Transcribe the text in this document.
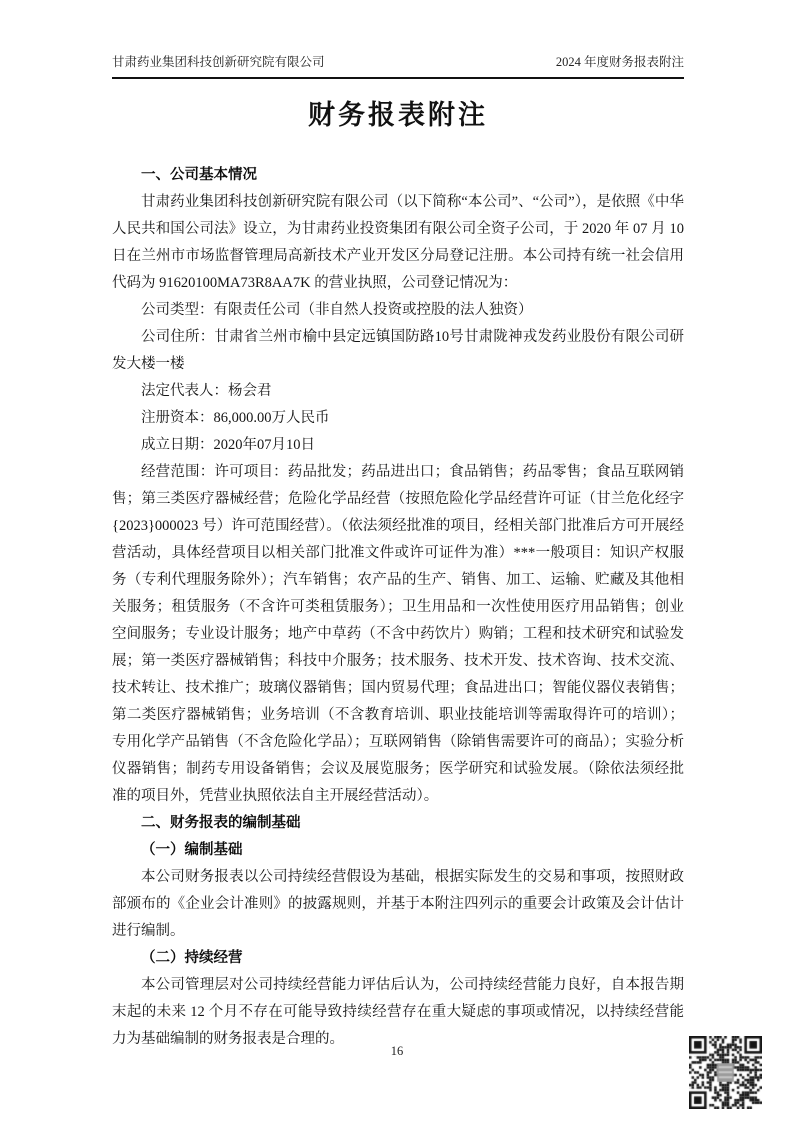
甘肃药业集团科技创新研究院有限公司	2024 年度财务报表附注
财务报表附注
一、公司基本情况
甘肃药业集团科技创新研究院有限公司（以下简称“本公司”、“公司”），是依照《中华人民共和国公司法》设立，为甘肃药业投资集团有限公司全资子公司，于 2020 年 07 月 10 日在兰州市市场监督管理局高新技术产业开发区分局登记注册。本公司持有统一社会信用代码为 91620100MA73R8AA7K 的营业执照，公司登记情况为：
公司类型：有限责任公司（非自然人投资或控股的法人独资）
公司住所：甘肃省兰州市榆中县定远镇国防路10号甘肃陇神戎发药业股份有限公司研发大楼一楼
法定代表人：杨会君
注册资本：86,000.00万人民币
成立日期：2020年07月10日
经营范围：许可项目：药品批发；药品进出口；食品销售；药品零售；食品互联网销售；第三类医疗器械经营；危险化学品经营（按照危险化学品经营许可证（甘兰危化经字{2023}000023 号）许可范围经营）。（依法须经批准的项目，经相关部门批准后方可开展经营活动，具体经营项目以相关部门批准文件或许可证件为准）***一般项目：知识产权服务（专利代理服务除外）；汽车销售；农产品的生产、销售、加工、运输、贮藏及其他相关服务；租赁服务（不含许可类租赁服务）；卫生用品和一次性使用医疗用品销售；创业空间服务；专业设计服务；地产中草药（不含中药饮片）购销；工程和技术研究和试验发展；第一类医疗器械销售；科技中介服务；技术服务、技术开发、技术咨询、技术交流、技术转让、技术推广；玻璃仪器销售；国内贸易代理；食品进出口；智能仪器仪表销售；第二类医疗器械销售；业务培训（不含教育培训、职业技能培训等需取得许可的培训）；专用化学产品销售（不含危险化学品）；互联网销售（除销售需要许可的商品）；实验分析仪器销售；制药专用设备销售；会议及展览服务；医学研究和试验发展。（除依法须经批准的项目外，凭营业执照依法自主开展经营活动）。
二、财务报表的编制基础
（一）编制基础
本公司财务报表以公司持续经营假设为基础，根据实际发生的交易和事项，按照财政部颁布的《企业会计准则》的披露规则，并基于本附注四列示的重要会计政策及会计估计进行编制。
（二）持续经营
本公司管理层对公司持续经营能力评估后认为，公司持续经营能力良好，自本报告期末起的未来 12 个月不存在可能导致持续经营存在重大疑虑的事项或情况，以持续经营能力为基础编制的财务报表是合理的。
16
